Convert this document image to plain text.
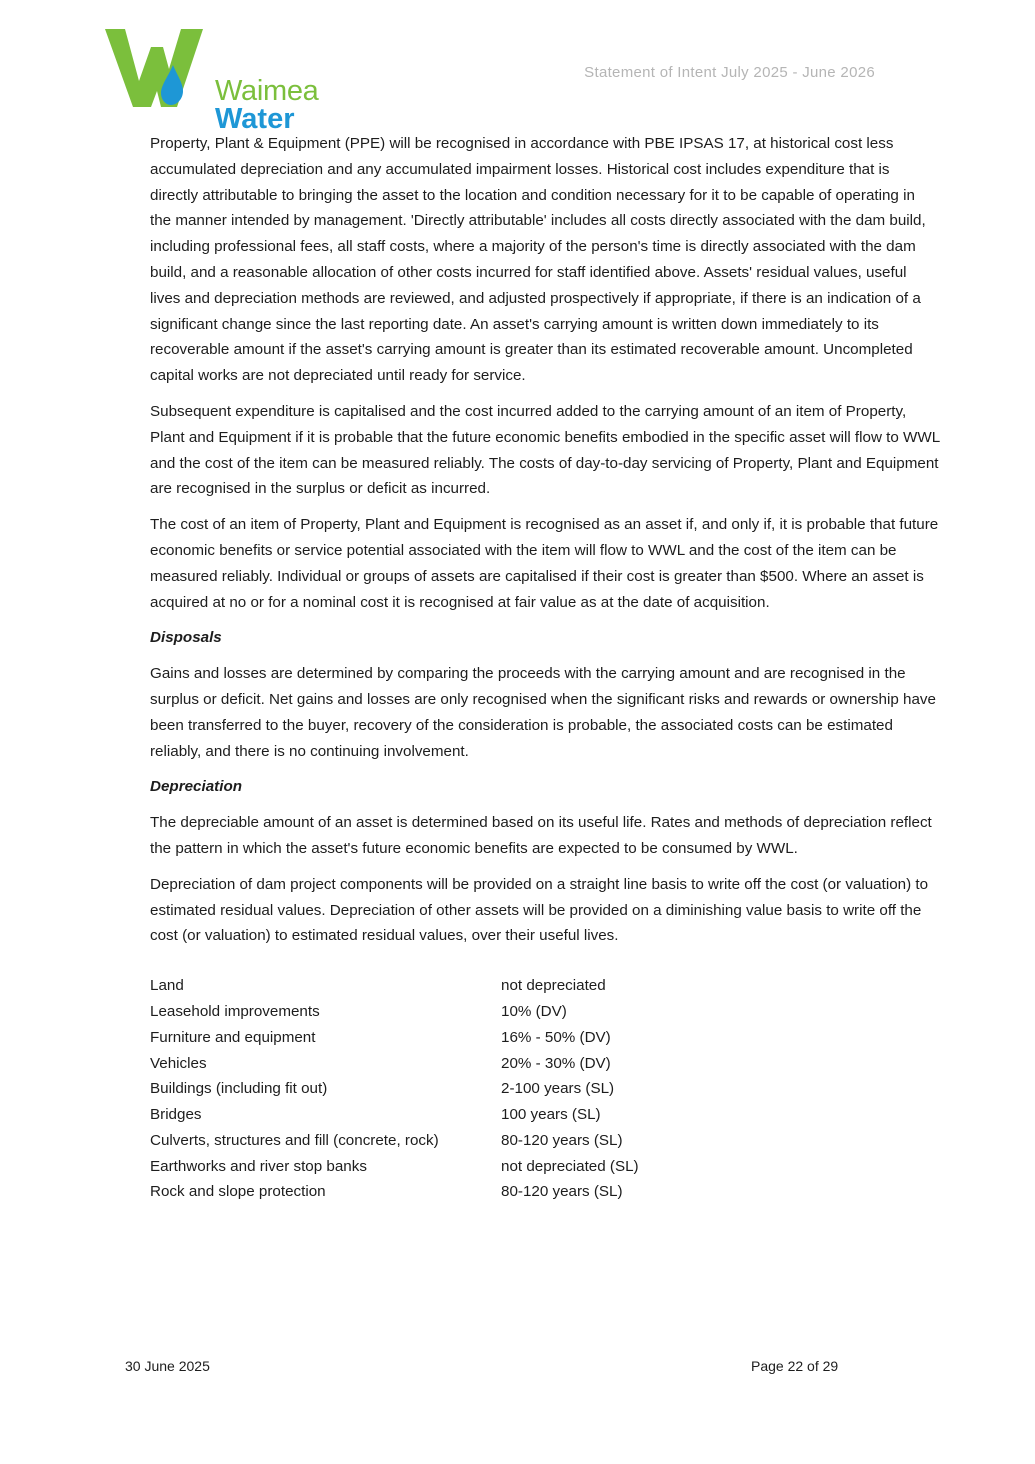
Waimea
Water
Statement of Intent July 2025 - June 2026

Property, Plant & Equipment (PPE) will be recognised in accordance with PBE IPSAS 17, at historical cost less accumulated depreciation and any accumulated impairment losses. Historical cost includes expenditure that is directly attributable to bringing the asset to the location and condition necessary for it to be capable of operating in the manner intended by management. 'Directly attributable' includes all costs directly associated with the dam build, including professional fees, all staff costs, where a majority of the person's time is directly associated with the dam build, and a reasonable allocation of other costs incurred for staff identified above. Assets' residual values, useful lives and depreciation methods are reviewed, and adjusted prospectively if appropriate, if there is an indication of a significant change since the last reporting date. An asset's carrying amount is written down immediately to its recoverable amount if the asset's carrying amount is greater than its estimated recoverable amount. Uncompleted capital works are not depreciated until ready for service.

Subsequent expenditure is capitalised and the cost incurred added to the carrying amount of an item of Property, Plant and Equipment if it is probable that the future economic benefits embodied in the specific asset will flow to WWL and the cost of the item can be measured reliably. The costs of day-to-day servicing of Property, Plant and Equipment are recognised in the surplus or deficit as incurred.

The cost of an item of Property, Plant and Equipment is recognised as an asset if, and only if, it is probable that future economic benefits or service potential associated with the item will flow to WWL and the cost of the item can be measured reliably. Individual or groups of assets are capitalised if their cost is greater than $500. Where an asset is acquired at no or for a nominal cost it is recognised at fair value as at the date of acquisition.

Disposals

Gains and losses are determined by comparing the proceeds with the carrying amount and are recognised in the surplus or deficit. Net gains and losses are only recognised when the significant risks and rewards or ownership have been transferred to the buyer, recovery of the consideration is probable, the associated costs can be estimated reliably, and there is no continuing involvement.

Depreciation

The depreciable amount of an asset is determined based on its useful life. Rates and methods of depreciation reflect the pattern in which the asset's future economic benefits are expected to be consumed by WWL.

Depreciation of dam project components will be provided on a straight line basis to write off the cost (or valuation) to estimated residual values. Depreciation of other assets will be provided on a diminishing value basis to write off the cost (or valuation) to estimated residual values, over their useful lives.

Land	not depreciated
Leasehold improvements	10% (DV)
Furniture and equipment	16% - 50% (DV)
Vehicles	20% - 30% (DV)
Buildings (including fit out)	2-100 years (SL)
Bridges	100 years (SL)
Culverts, structures and fill (concrete, rock)	80-120 years (SL)
Earthworks and river stop banks	not depreciated (SL)
Rock and slope protection	80-120 years (SL)
30 June 2025	Page 22 of 29
